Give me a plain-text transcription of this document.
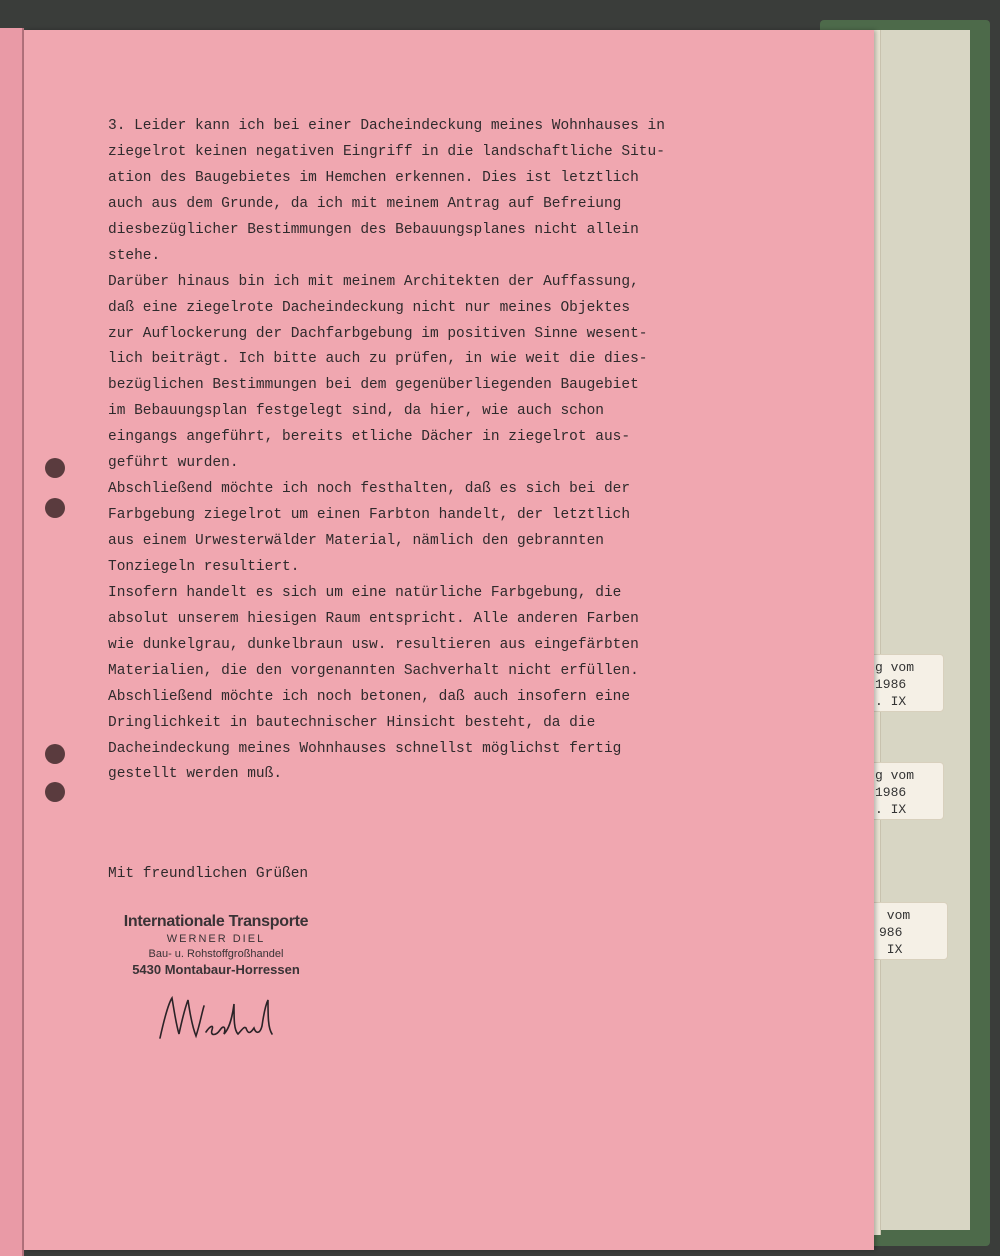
g vom
1986
. IX
g vom
1986
. IX
vom
986
IX
3. Leider kann ich bei einer Dacheindeckung meines Wohnhauses in
ziegelrot keinen negativen Eingriff in die landschaftliche Situ-
ation des Baugebietes im Hemchen erkennen. Dies ist letztlich
auch aus dem Grunde, da ich mit meinem Antrag auf Befreiung
diesbezüglicher Bestimmungen des Bebauungsplanes nicht allein
stehe.
Darüber hinaus bin ich mit meinem Architekten der Auffassung,
daß eine ziegelrote Dacheindeckung nicht nur meines Objektes
zur Auflockerung der Dachfarbgebung im positiven Sinne wesent-
lich beiträgt. Ich bitte auch zu prüfen, in wie weit die dies-
bezüglichen Bestimmungen bei dem gegenüberliegenden Baugebiet
im Bebauungsplan festgelegt sind, da hier, wie auch schon
eingangs angeführt, bereits etliche Dächer in ziegelrot aus-
geführt wurden.
Abschließend möchte ich noch festhalten, daß es sich bei der
Farbgebung ziegelrot um einen Farbton handelt, der letztlich
aus einem Urwesterwälder Material, nämlich den gebrannten
Tonziegeln resultiert.
Insofern handelt es sich um eine natürliche Farbgebung, die
absolut unserem hiesigen Raum entspricht. Alle anderen Farben
wie dunkelgrau, dunkelbraun usw. resultieren aus eingefärbten
Materialien, die den vorgenannten Sachverhalt nicht erfüllen.
Abschließend möchte ich noch betonen, daß auch insofern eine
Dringlichkeit in bautechnischer Hinsicht besteht, da die
Dacheindeckung meines Wohnhauses schnellst möglichst fertig
gestellt werden muß.
Mit freundlichen Grüßen
Internationale Transporte
WERNER DIEL
Bau- u. Rohstoffgroßhandel
5430 Montabaur-Horressen
